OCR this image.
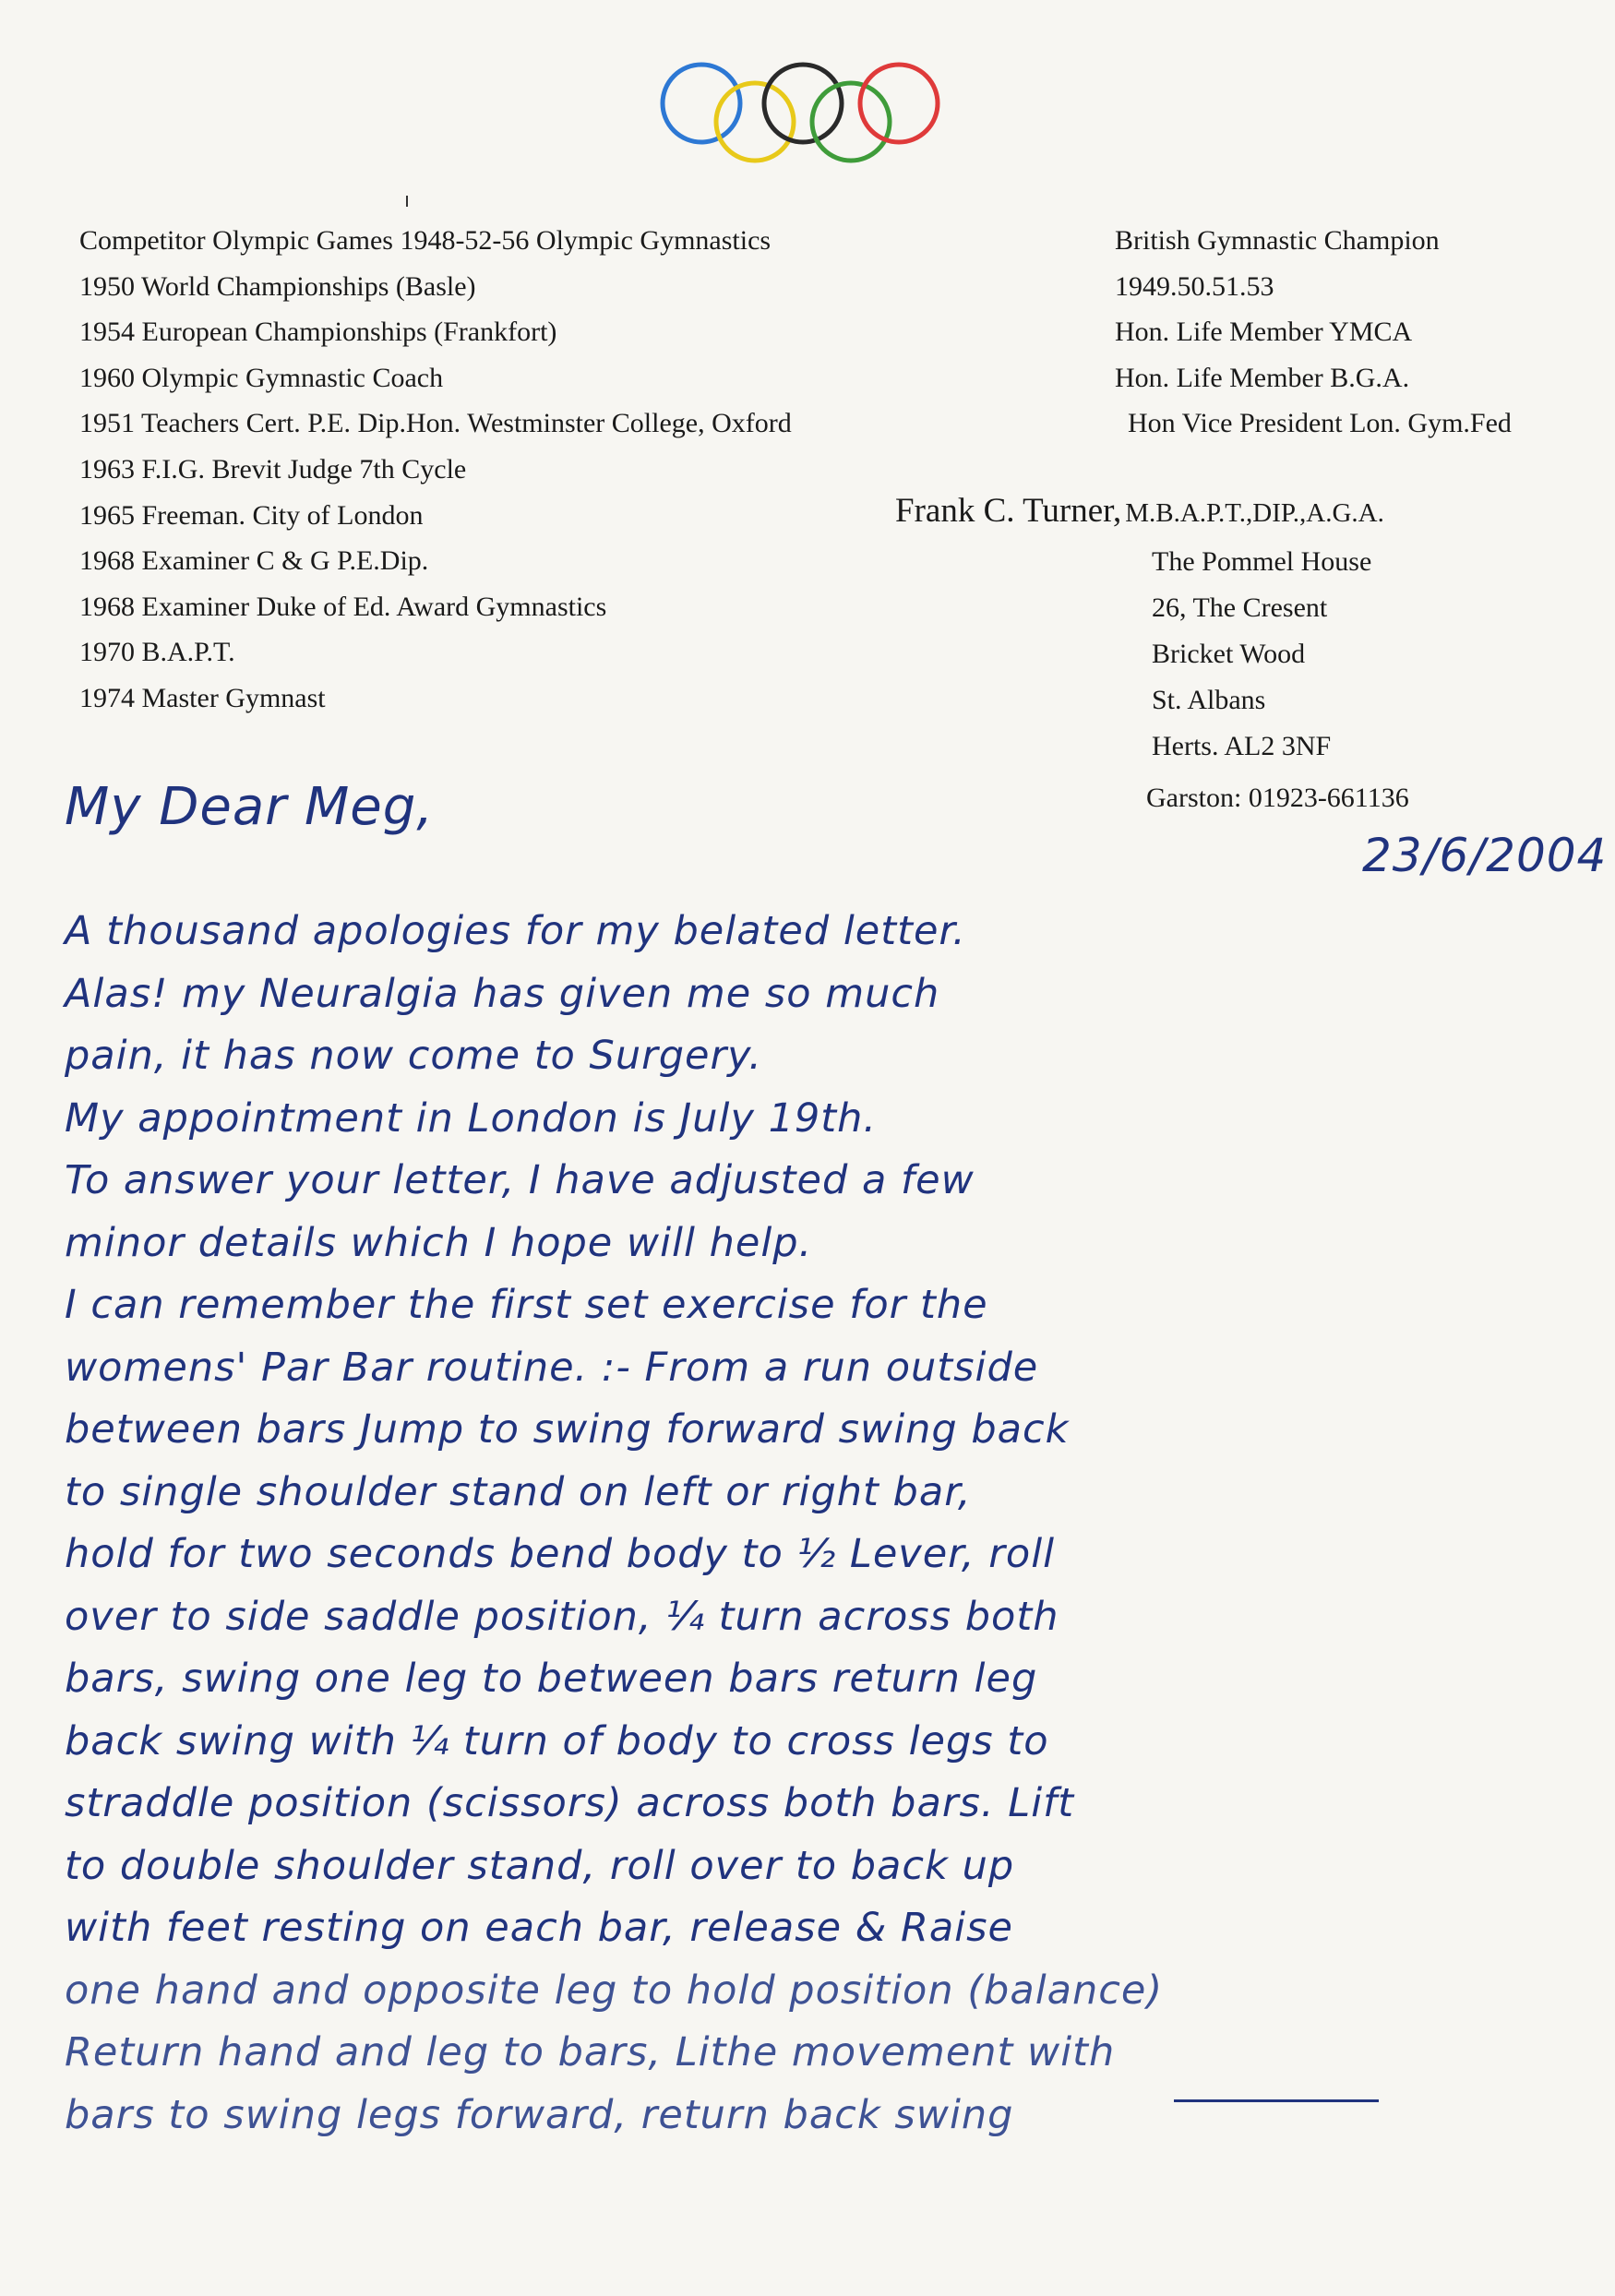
Competitor Olympic Games 1948-52-56 Olympic Gymnastics
1950 World Championships (Basle)
1954 European Championships (Frankfort)
1960 Olympic Gymnastic Coach
1951 Teachers Cert. P.E. Dip.Hon. Westminster College, Oxford
1963 F.I.G. Brevit Judge 7th Cycle
1965 Freeman. City of London
1968 Examiner C & G P.E.Dip.
1968 Examiner Duke of Ed. Award Gymnastics
1970 B.A.P.T.
1974 Master Gymnast
British Gymnastic Champion
1949.50.51.53
Hon. Life Member YMCA
Hon. Life Member B.G.A.
Hon Vice President Lon. Gym.Fed
Frank C. Turner, M.B.A.P.T.,DIP.,A.G.A.
The Pommel House
26, The Cresent
Bricket Wood
St. Albans
Herts. AL2 3NF
Garston: 01923-661136
My Dear Meg,
23/6/2004
A thousand apologies for my belated letter.
Alas! my Neuralgia has given me so much
pain, it has now come to Surgery.
My appointment in London is July 19th.
To answer your letter, I have adjusted a few
minor details which I hope will help.
I can remember the first set exercise for the
womens' Par Bar routine. :- From a run outside
between bars Jump to swing forward swing back
to single shoulder stand on left or right bar,
hold for two seconds bend body to ½ Lever, roll
over to side saddle position, ¼ turn across both
bars, swing one leg to between bars return leg
back swing with ¼ turn of body to cross legs to
straddle position (scissors) across both bars. Lift
to double shoulder stand, roll over to back up
with feet resting on each bar, release & Raise
one hand and opposite leg to hold position (balance)
Return hand and leg to bars, Lithe movement with
bars to swing legs forward, return back swing
